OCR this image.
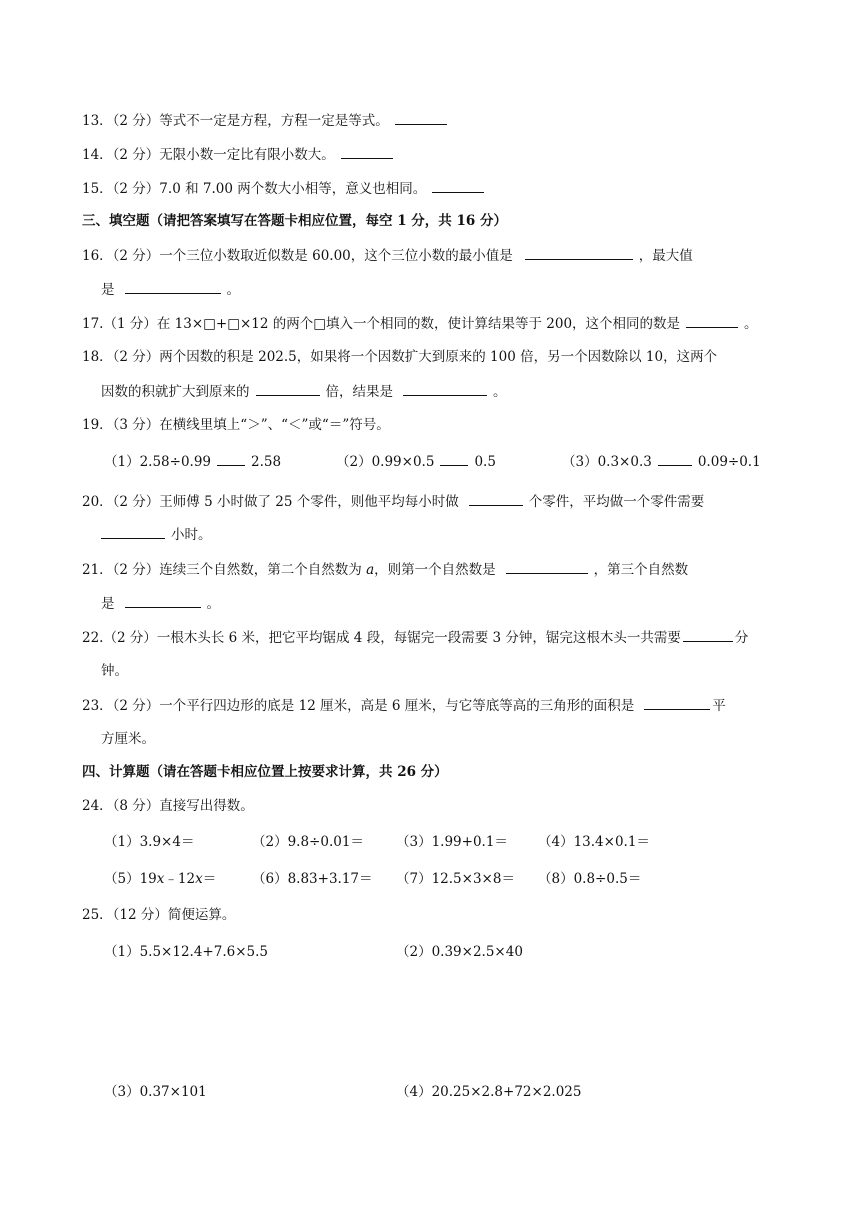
13．（2 分）等式不一定是方程，方程一定是等式。
14．（2 分）无限小数一定比有限小数大。
15．（2 分）7.0 和 7.00 两个数大小相等，意义也相同。
三、填空题（请把答案填写在答题卡相应位置，每空 1 分，共 16 分）
16．（2 分）一个三位小数取近似数是 60.00，这个三位小数的最小值是	，最大值
是	。
17.（1 分）在 13×□+□×12 的两个□填入一个相同的数，使计算结果等于 200，这个相同的数是	。
18．（2 分）两个因数的积是 202.5，如果将一个因数扩大到原来的 100 倍，另一个因数除以 10，这两个
因数的积就扩大到原来的	倍，结果是	。
19．（3 分）在横线里填上“＞”、“＜”或“＝”符号。
（1）2.58÷0.99	2.58	（2）0.99×0.5	0.5	（3）0.3×0.3	0.09÷0.1
20．（2 分）王师傅 5 小时做了 25 个零件，则他平均每小时做	个零件，平均做一个零件需要
小时。
21．（2 分）连续三个自然数，第二个自然数为 a，则第一个自然数是	，第三个自然数
是	。
22.（2 分）一根木头长 6 米，把它平均锯成 4 段，每锯完一段需要 3 分钟，锯完这根木头一共需要	分
钟。
23．（2 分）一个平行四边形的底是 12 厘米，高是 6 厘米，与它等底等高的三角形的面积是	平
方厘米。
四、计算题（请在答题卡相应位置上按要求计算，共 26 分）
24．（8 分）直接写出得数。
（1）3.9×4＝	（2）9.8÷0.01＝ （3）1.99+0.1＝ （4）13.4×0.1＝
（5）19x﹣12x＝	（6）8.83+3.17＝ （7）12.5×3×8＝ （8）0.8÷0.5＝
25．（12 分）简便运算。
（1）5.5×12.4+7.6×5.5	（2）0.39×2.5×40
（3）0.37×101	（4）20.25×2.8+72×2.025
